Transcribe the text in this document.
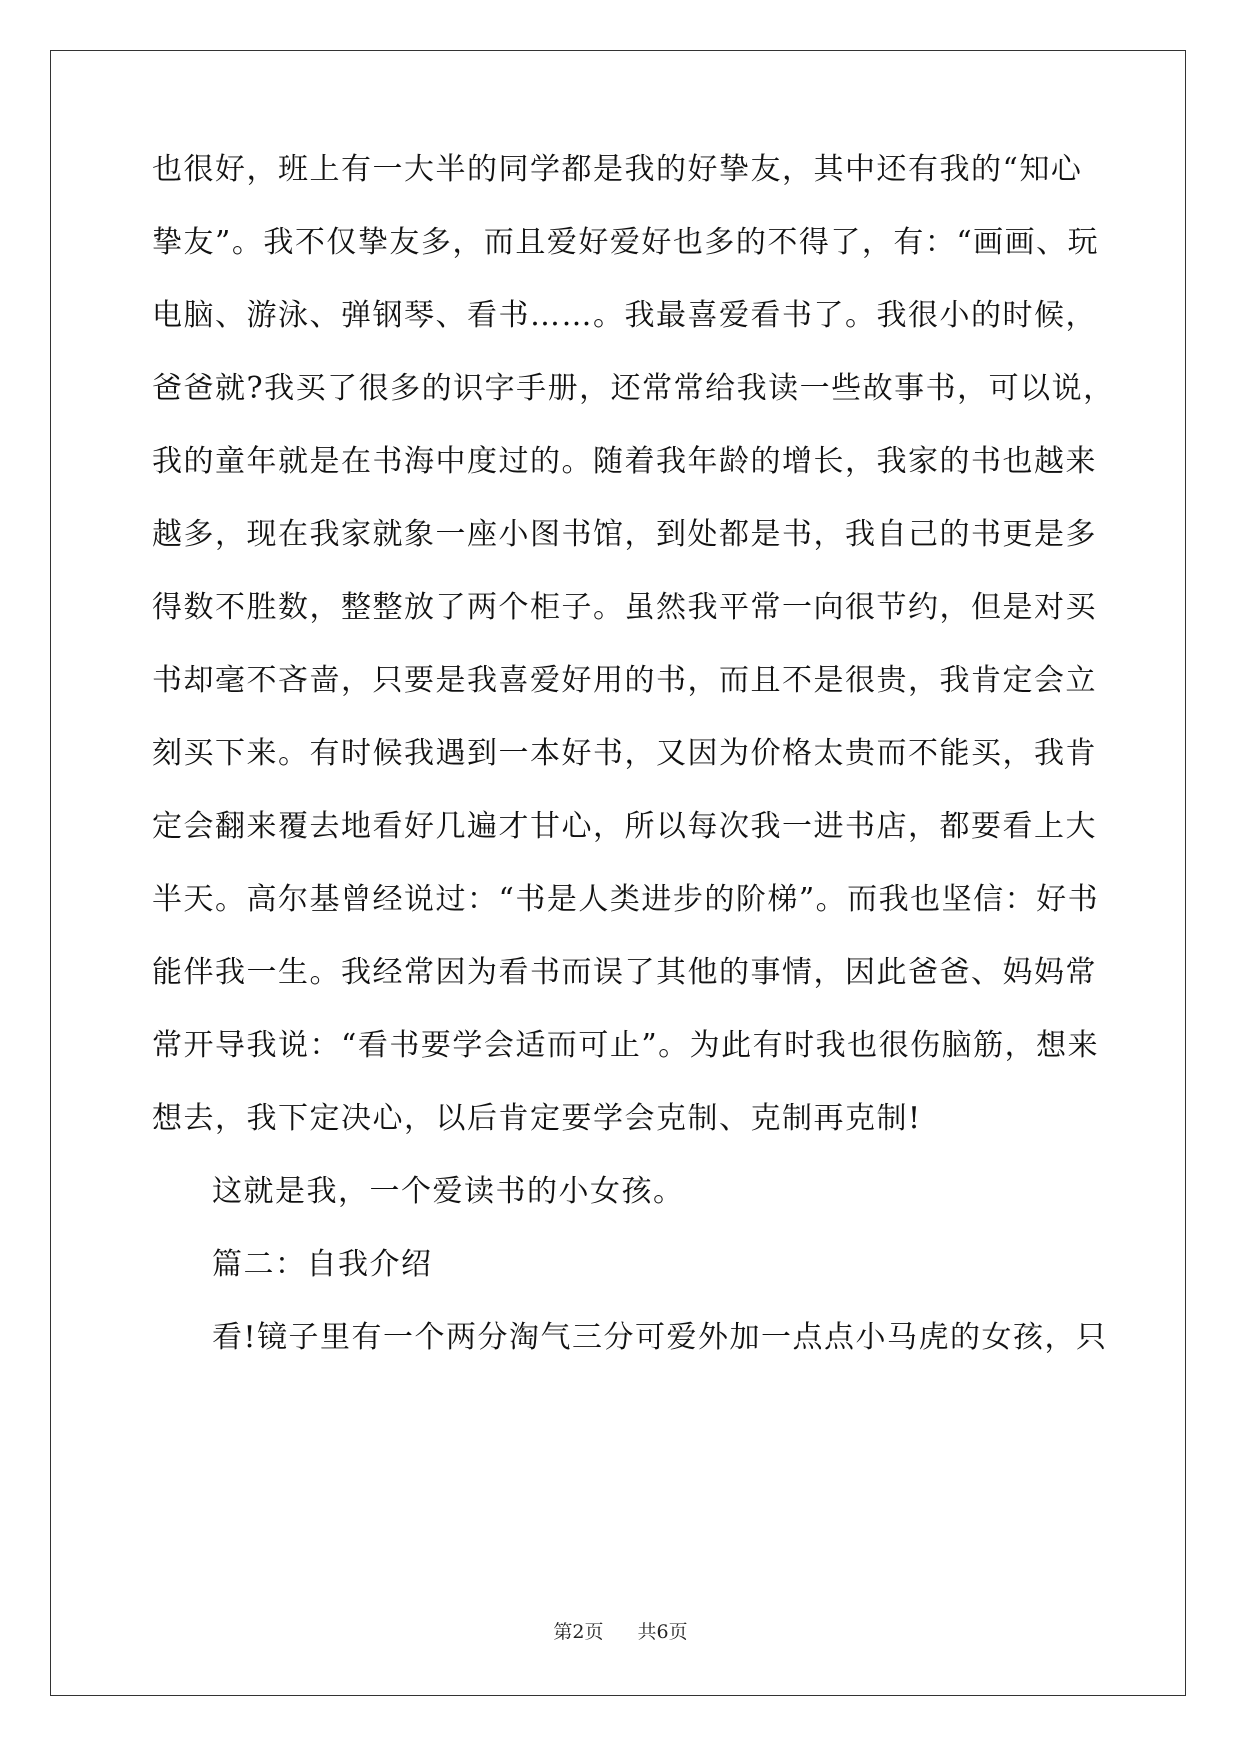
也很好，班上有一大半的同学都是我的好挚友，其中还有我的“知心
挚友”。我不仅挚友多，而且爱好爱好也多的不得了，有：“画画、玩
电脑、游泳、弹钢琴、看书……。我最喜爱看书了。我很小的时候，
爸爸就?我买了很多的识字手册，还常常给我读一些故事书，可以说，
我的童年就是在书海中度过的。随着我年龄的增长，我家的书也越来
越多，现在我家就象一座小图书馆，到处都是书，我自己的书更是多
得数不胜数，整整放了两个柜子。虽然我平常一向很节约，但是对买
书却毫不吝啬，只要是我喜爱好用的书，而且不是很贵，我肯定会立
刻买下来。有时候我遇到一本好书，又因为价格太贵而不能买，我肯
定会翻来覆去地看好几遍才甘心，所以每次我一进书店，都要看上大
半天。高尔基曾经说过：“书是人类进步的阶梯”。而我也坚信：好书
能伴我一生。我经常因为看书而误了其他的事情，因此爸爸、妈妈常
常开导我说：“看书要学会适而可止”。为此有时我也很伤脑筋，想来
想去，我下定决心，以后肯定要学会克制、克制再克制!
这就是我，一个爱读书的小女孩。
篇二：自我介绍
看!镜子里有一个两分淘气三分可爱外加一点点小马虎的女孩，只
第2页 共6页
